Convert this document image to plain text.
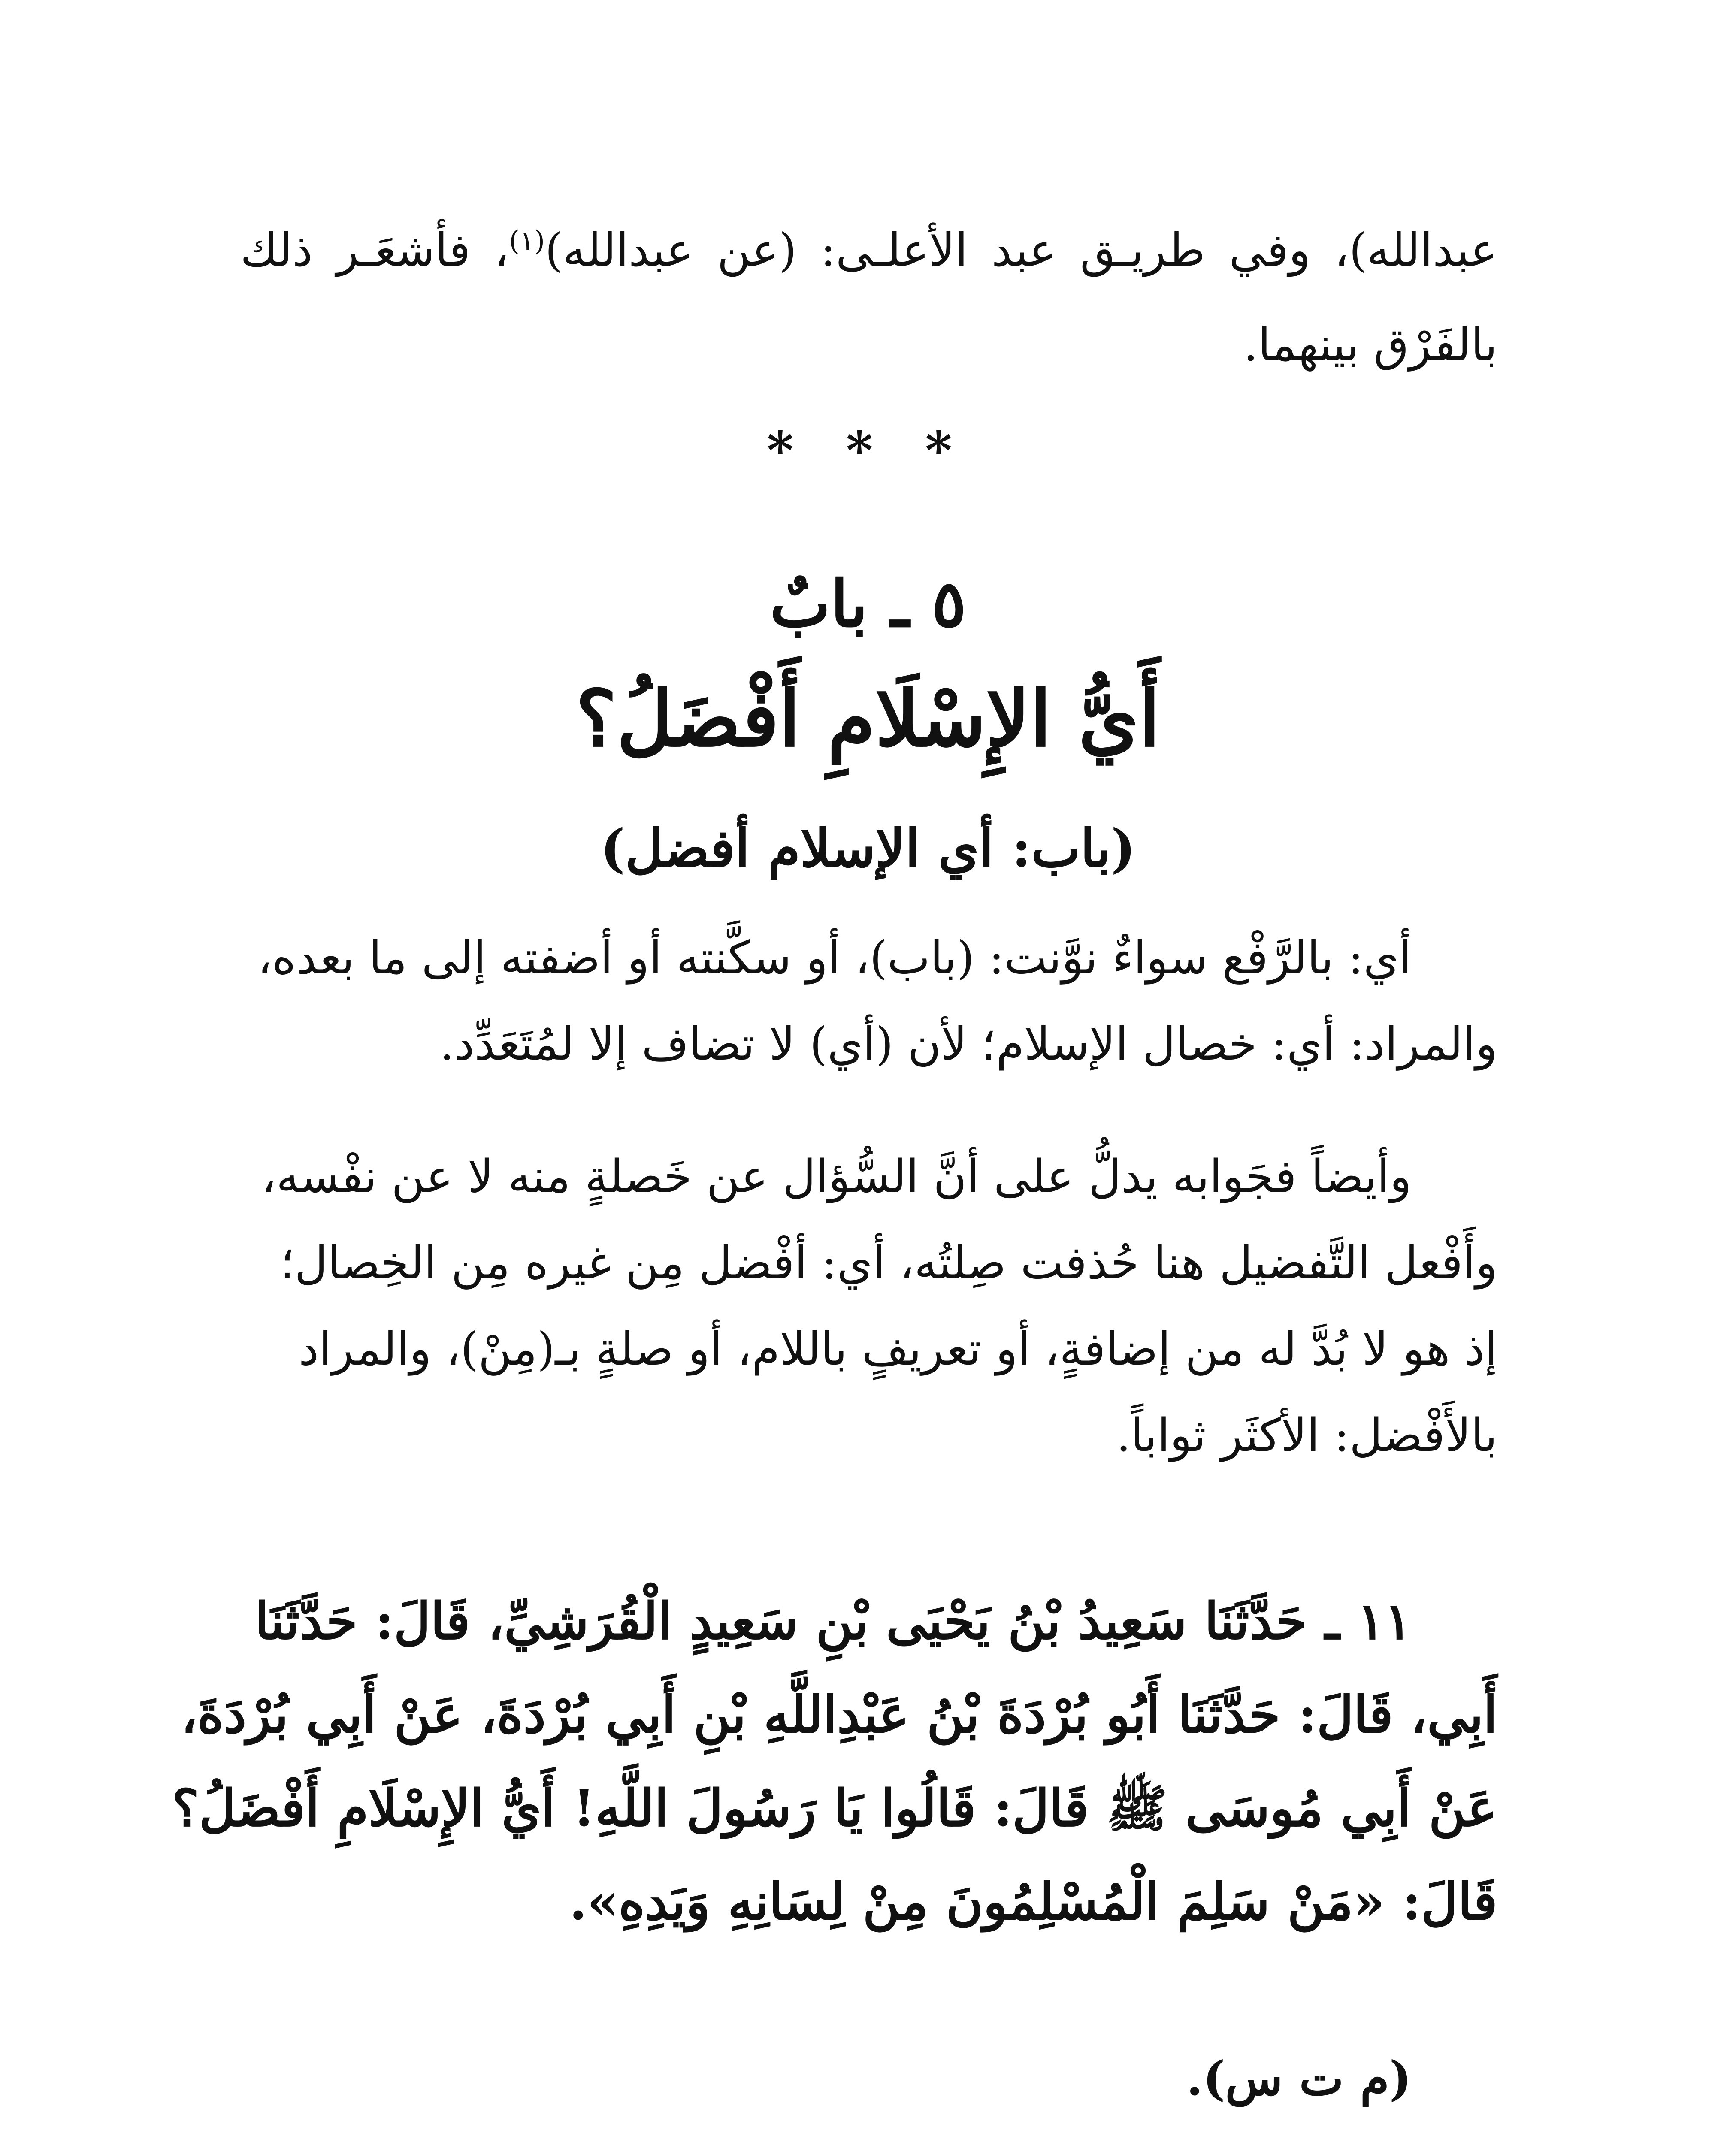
عبدالله)، وفي طريـق عبد الأعلـى: (عن عبدالله)$^{(١)}$، فأشعَـر ذلك
بالفَرْق بينهما.
* * *
٥ ـ بابٌ
أَيُّ الإِسْلَامِ أَفْضَلُ؟
(باب: أي الإسلام أفضل)
أي: بالرَّفْع سواءٌ نوَّنت: (باب)، أو سكَّنته أو أضفته إلى ما بعده،
والمراد: أي: خصال الإسلام؛ لأن (أي) لا تضاف إلا لمُتَعَدِّد.
وأيضاً فجَوابه يدلُّ على أنَّ السُّؤال عن خَصلةٍ منه لا عن نفْسه،
وأَفْعل التَّفضيل هنا حُذفت صِلتُه، أي: أفْضل مِن غيره مِن الخِصال؛
إذ هو لا بُدَّ له من إضافةٍ، أو تعريفٍ باللام، أو صلةٍ بـ(مِنْ)، والمراد
بالأَفْضل: الأكثَر ثواباً.
١١ ـ حَدَّثَنَا سَعِيدُ بْنُ يَحْيَى بْنِ سَعِيدٍ الْقُرَشِيِّ، قَالَ: حَدَّثَنَا
أَبِي، قَالَ: حَدَّثَنَا أَبُو بُرْدَةَ بْنُ عَبْدِاللَّهِ بْنِ أَبِي بُرْدَةَ، عَنْ أَبِي بُرْدَةَ،
عَنْ أَبِي مُوسَى ﷺ قَالَ: قَالُوا يَا رَسُولَ اللَّهِ! أَيُّ الإِسْلَامِ أَفْضَلُ؟
قَالَ: «مَنْ سَلِمَ الْمُسْلِمُونَ مِنْ لِسَانِهِ وَيَدِهِ».
(م ت س).
